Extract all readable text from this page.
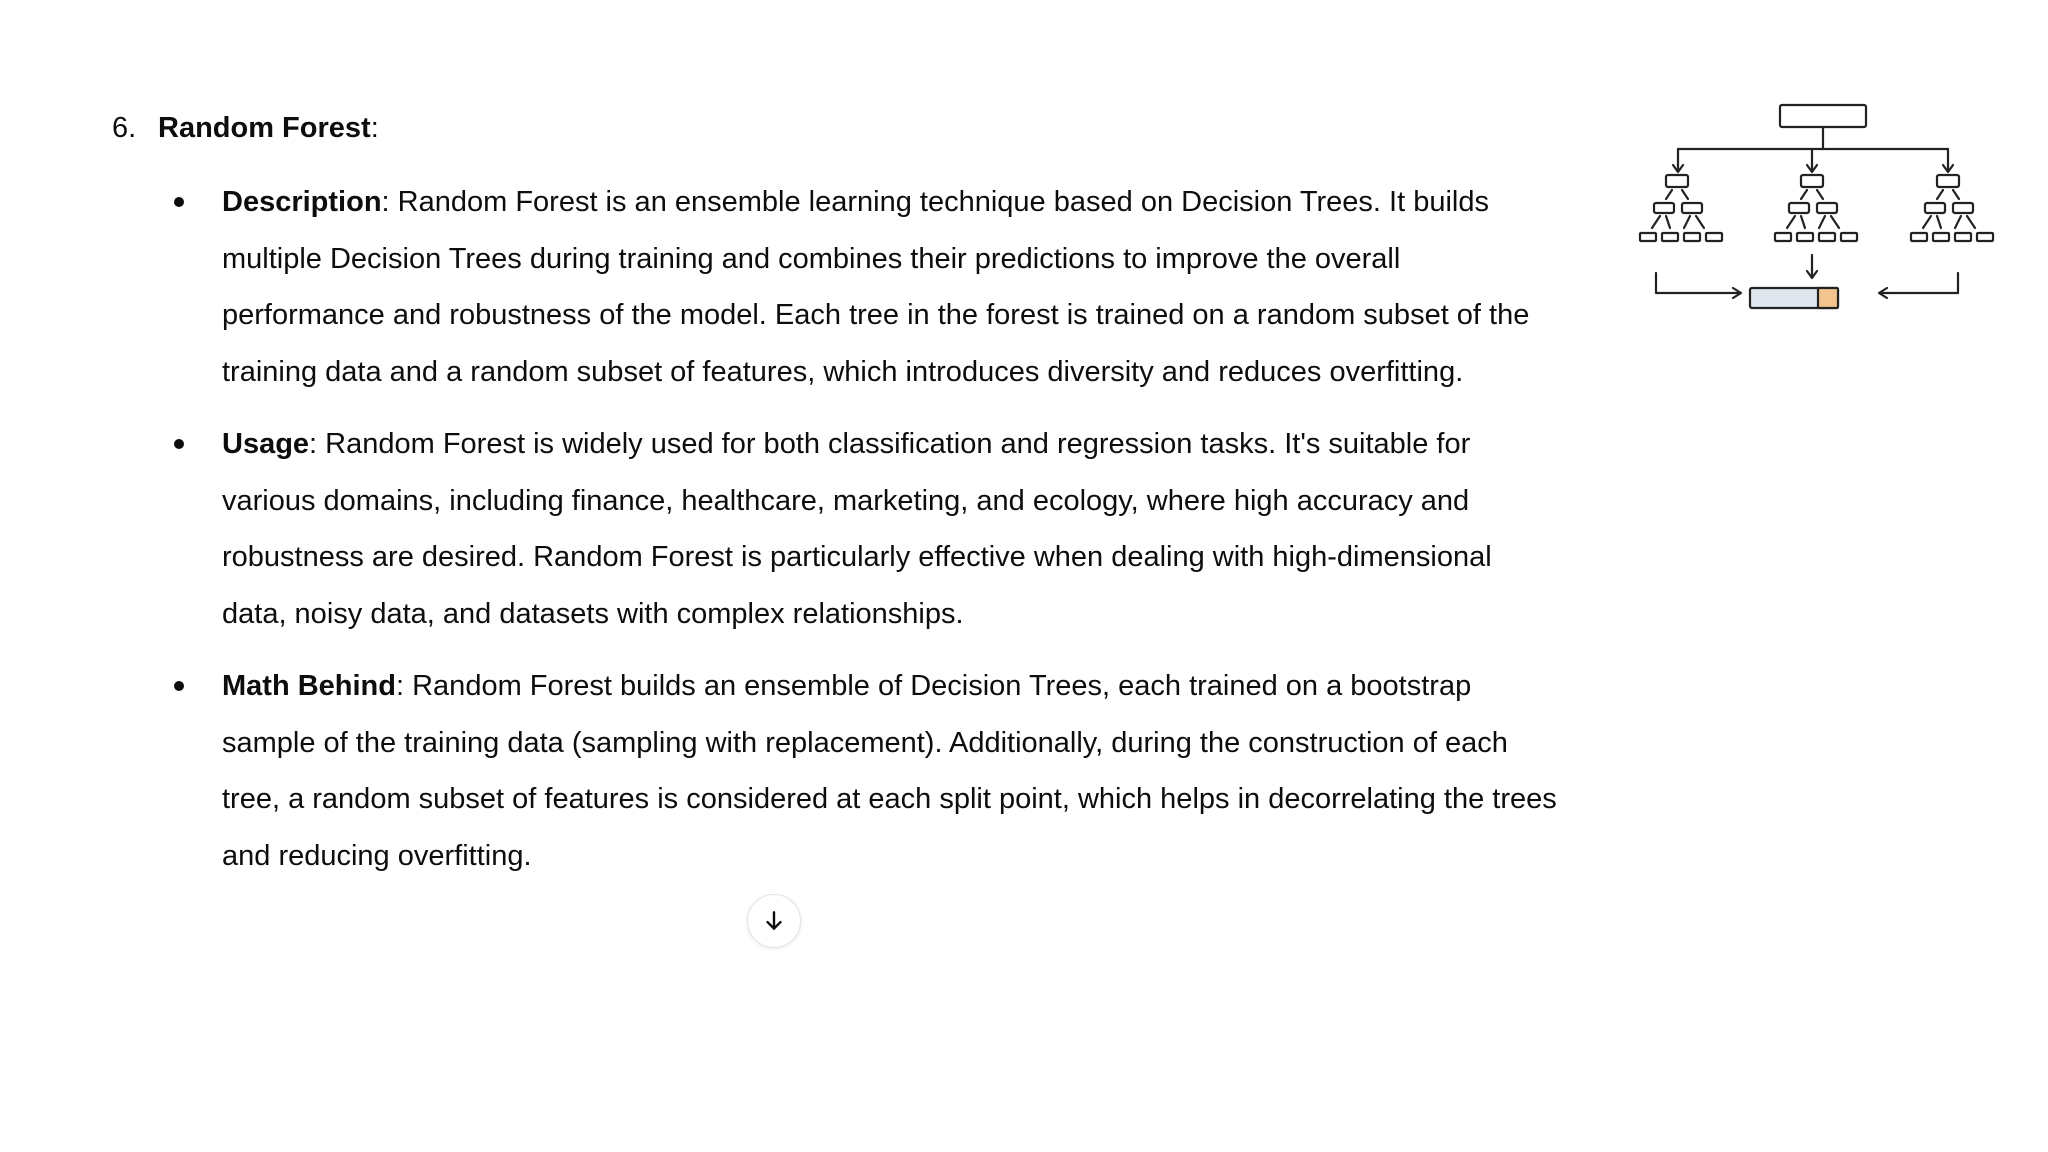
6. Random Forest :
Description: Random Forest is an ensemble learning technique based on Decision Trees. It builds multiple Decision Trees during training and combines their predictions to improve the overall performance and robustness of the model. Each tree in the forest is trained on a random subset of the training data and a random subset of features, which introduces diversity and reduces overfitting.
Usage: Random Forest is widely used for both classification and regression tasks. It's suitable for various domains, including finance, healthcare, marketing, and ecology, where high accuracy and robustness are desired. Random Forest is particularly effective when dealing with high-dimensional data, noisy data, and datasets with complex relationships.
Math Behind: Random Forest builds an ensemble of Decision Trees, each trained on a bootstrap sample of the training data (sampling with replacement). Additionally, during the construction of each tree, a random subset of features is considered at each split point, which helps in decorrelating the trees and reducing overfitting.
